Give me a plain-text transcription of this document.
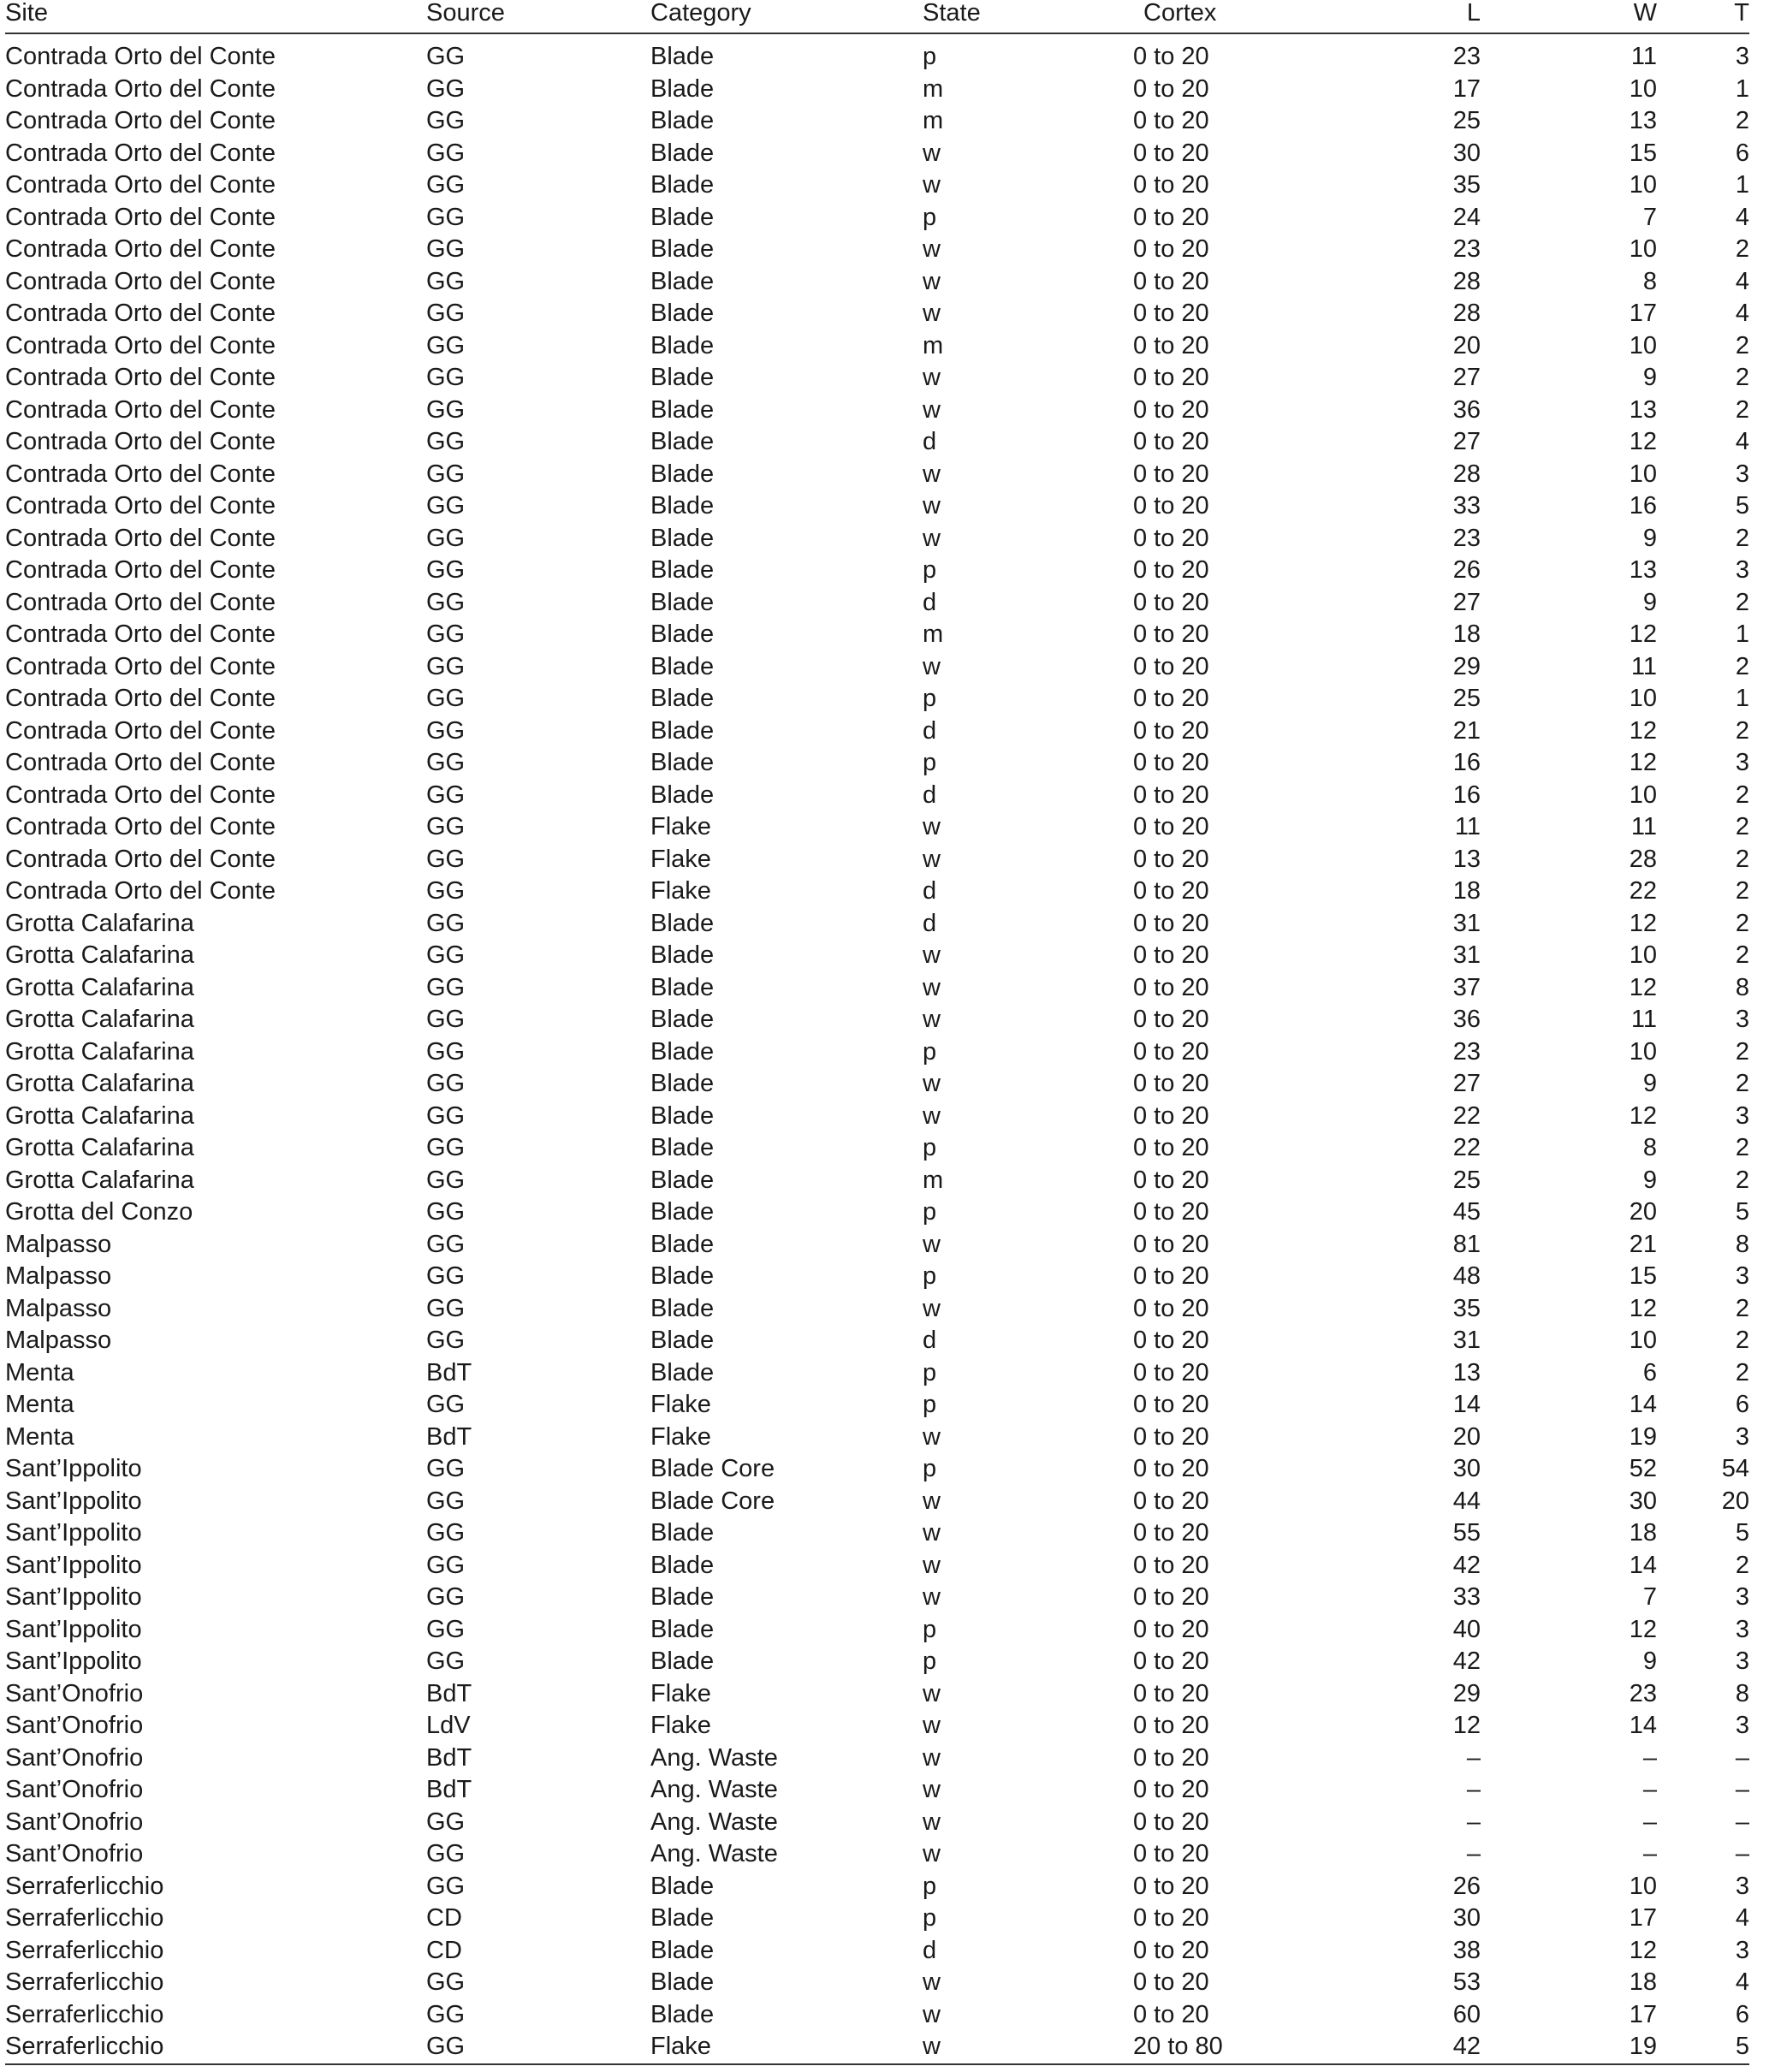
Site	Source	Category	State	Cortex	L	W	T
Contrada Orto del Conte	GG	Blade	p	0 to 20	23	11	3
Contrada Orto del Conte	GG	Blade	m	0 to 20	17	10	1
Contrada Orto del Conte	GG	Blade	m	0 to 20	25	13	2
Contrada Orto del Conte	GG	Blade	w	0 to 20	30	15	6
Contrada Orto del Conte	GG	Blade	w	0 to 20	35	10	1
Contrada Orto del Conte	GG	Blade	p	0 to 20	24	7	4
Contrada Orto del Conte	GG	Blade	w	0 to 20	23	10	2
Contrada Orto del Conte	GG	Blade	w	0 to 20	28	8	4
Contrada Orto del Conte	GG	Blade	w	0 to 20	28	17	4
Contrada Orto del Conte	GG	Blade	m	0 to 20	20	10	2
Contrada Orto del Conte	GG	Blade	w	0 to 20	27	9	2
Contrada Orto del Conte	GG	Blade	w	0 to 20	36	13	2
Contrada Orto del Conte	GG	Blade	d	0 to 20	27	12	4
Contrada Orto del Conte	GG	Blade	w	0 to 20	28	10	3
Contrada Orto del Conte	GG	Blade	w	0 to 20	33	16	5
Contrada Orto del Conte	GG	Blade	w	0 to 20	23	9	2
Contrada Orto del Conte	GG	Blade	p	0 to 20	26	13	3
Contrada Orto del Conte	GG	Blade	d	0 to 20	27	9	2
Contrada Orto del Conte	GG	Blade	m	0 to 20	18	12	1
Contrada Orto del Conte	GG	Blade	w	0 to 20	29	11	2
Contrada Orto del Conte	GG	Blade	p	0 to 20	25	10	1
Contrada Orto del Conte	GG	Blade	d	0 to 20	21	12	2
Contrada Orto del Conte	GG	Blade	p	0 to 20	16	12	3
Contrada Orto del Conte	GG	Blade	d	0 to 20	16	10	2
Contrada Orto del Conte	GG	Flake	w	0 to 20	11	11	2
Contrada Orto del Conte	GG	Flake	w	0 to 20	13	28	2
Contrada Orto del Conte	GG	Flake	d	0 to 20	18	22	2
Grotta Calafarina	GG	Blade	d	0 to 20	31	12	2
Grotta Calafarina	GG	Blade	w	0 to 20	31	10	2
Grotta Calafarina	GG	Blade	w	0 to 20	37	12	8
Grotta Calafarina	GG	Blade	w	0 to 20	36	11	3
Grotta Calafarina	GG	Blade	p	0 to 20	23	10	2
Grotta Calafarina	GG	Blade	w	0 to 20	27	9	2
Grotta Calafarina	GG	Blade	w	0 to 20	22	12	3
Grotta Calafarina	GG	Blade	p	0 to 20	22	8	2
Grotta Calafarina	GG	Blade	m	0 to 20	25	9	2
Grotta del Conzo	GG	Blade	p	0 to 20	45	20	5
Malpasso	GG	Blade	w	0 to 20	81	21	8
Malpasso	GG	Blade	p	0 to 20	48	15	3
Malpasso	GG	Blade	w	0 to 20	35	12	2
Malpasso	GG	Blade	d	0 to 20	31	10	2
Menta	BdT	Blade	p	0 to 20	13	6	2
Menta	GG	Flake	p	0 to 20	14	14	6
Menta	BdT	Flake	w	0 to 20	20	19	3
Sant’Ippolito	GG	Blade Core	p	0 to 20	30	52	54
Sant’Ippolito	GG	Blade Core	w	0 to 20	44	30	20
Sant’Ippolito	GG	Blade	w	0 to 20	55	18	5
Sant’Ippolito	GG	Blade	w	0 to 20	42	14	2
Sant’Ippolito	GG	Blade	w	0 to 20	33	7	3
Sant’Ippolito	GG	Blade	p	0 to 20	40	12	3
Sant’Ippolito	GG	Blade	p	0 to 20	42	9	3
Sant’Onofrio	BdT	Flake	w	0 to 20	29	23	8
Sant’Onofrio	LdV	Flake	w	0 to 20	12	14	3
Sant’Onofrio	BdT	Ang. Waste	w	0 to 20	–	–	–
Sant’Onofrio	BdT	Ang. Waste	w	0 to 20	–	–	–
Sant’Onofrio	GG	Ang. Waste	w	0 to 20	–	–	–
Sant’Onofrio	GG	Ang. Waste	w	0 to 20	–	–	–
Serraferlicchio	GG	Blade	p	0 to 20	26	10	3
Serraferlicchio	CD	Blade	p	0 to 20	30	17	4
Serraferlicchio	CD	Blade	d	0 to 20	38	12	3
Serraferlicchio	GG	Blade	w	0 to 20	53	18	4
Serraferlicchio	GG	Blade	w	0 to 20	60	17	6
Serraferlicchio	GG	Flake	w	20 to 80	42	19	5
